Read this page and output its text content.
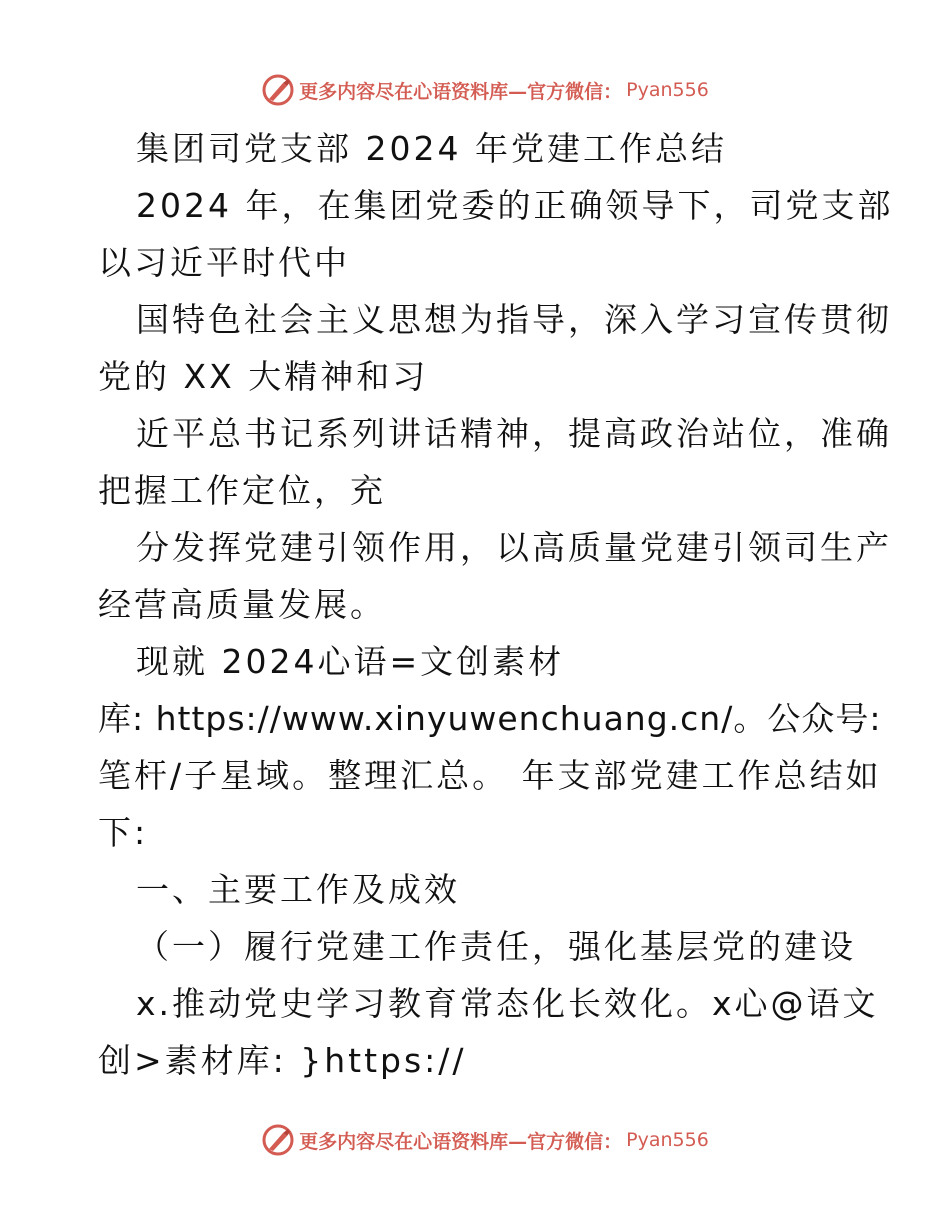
更多内容尽在心语资料库—官方微信： Pyan556
集团司党支部 2024 年党建工作总结
2024 年，在集团党委的正确领导下，司党支部
以习近平时代中
国特色社会主义思想为指导，深入学习宣传贯彻
党的 XX 大精神和习
近平总书记系列讲话精神，提高政治站位，准确
把握工作定位，充
分发挥党建引领作用，以高质量党建引领司生产
经营高质量发展。
现就 2024心语=文创素材
库: https://www.xinyuwenchuang.cn/。公众号:
笔杆/子星域。整理汇总。 年支部党建工作总结如
下:
一、主要工作及成效
（一）履行党建工作责任，强化基层党的建设
x.推动党史学习教育常态化长效化。x心@语文
创>素材库: }https://
更多内容尽在心语资料库—官方微信： Pyan556
